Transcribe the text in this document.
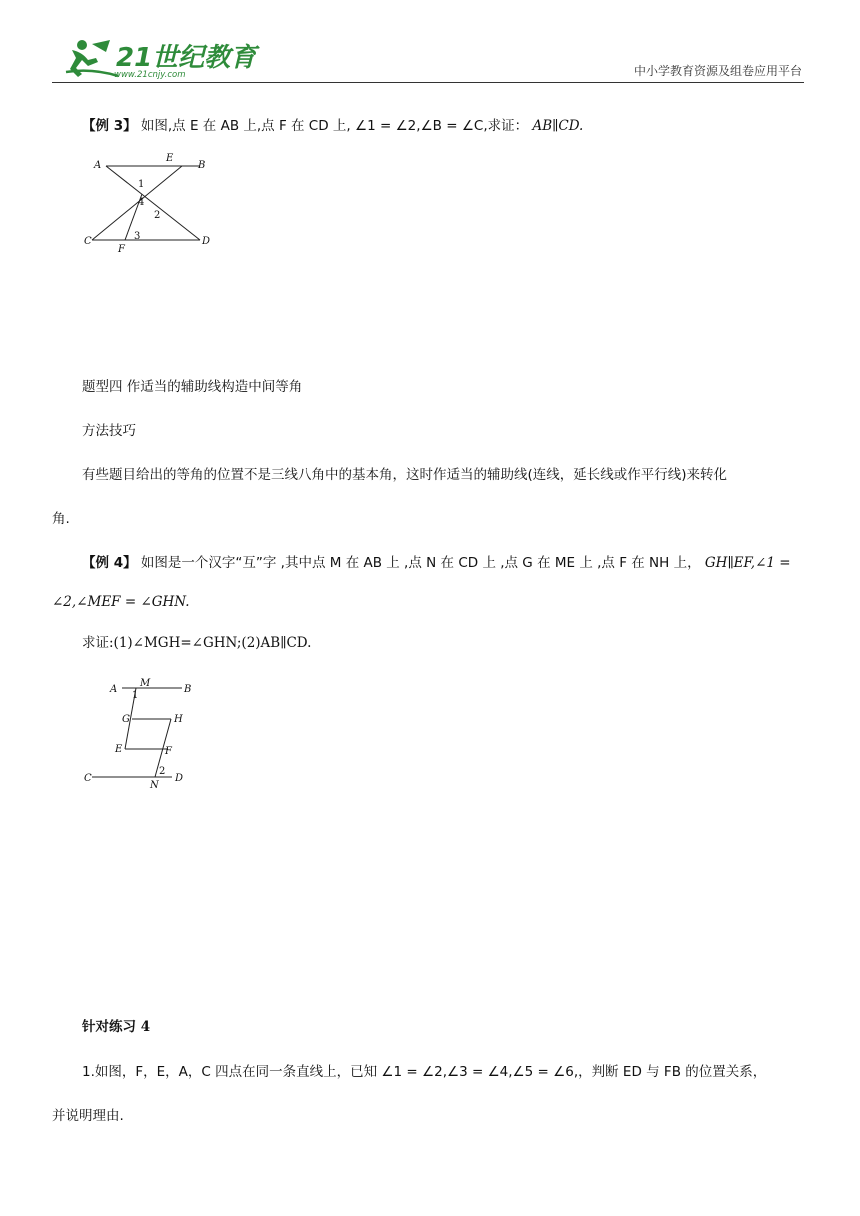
21世纪教育
www.21cnjy.com	中小学教育资源及组卷应用平台
【例 3】 如图,点 E 在 AB 上,点 F 在 CD 上, ∠1 = ∠2,∠B = ∠C,求证： AB∥CD.
A
E
B
C
F
D
1
4
2
3
题型四 作适当的辅助线构造中间等角
方法技巧
有些题目给出的等角的位置不是三线八角中的基本角，这时作适当的辅助线(连线，延长线或作平行线)来转化
角.
【例 4】 如图是一个汉字“互”字 ,其中点 M 在 AB 上 ,点 N 在 CD 上 ,点 G 在 ME 上 ,点 F 在 NH 上， GH∥EF,∠1 =
∠2,∠MEF = ∠GHN.
求证:(1)∠MGH=∠GHN;(2)AB∥CD.
A
M
B
1
G	H
E	F
C
2
N
D
针对练习 4
1.如图，F，E，A，C 四点在同一条直线上，已知 ∠1 = ∠2,∠3 = ∠4,∠5 = ∠6,，判断 ED 与 FB 的位置关系，
并说明理由.
